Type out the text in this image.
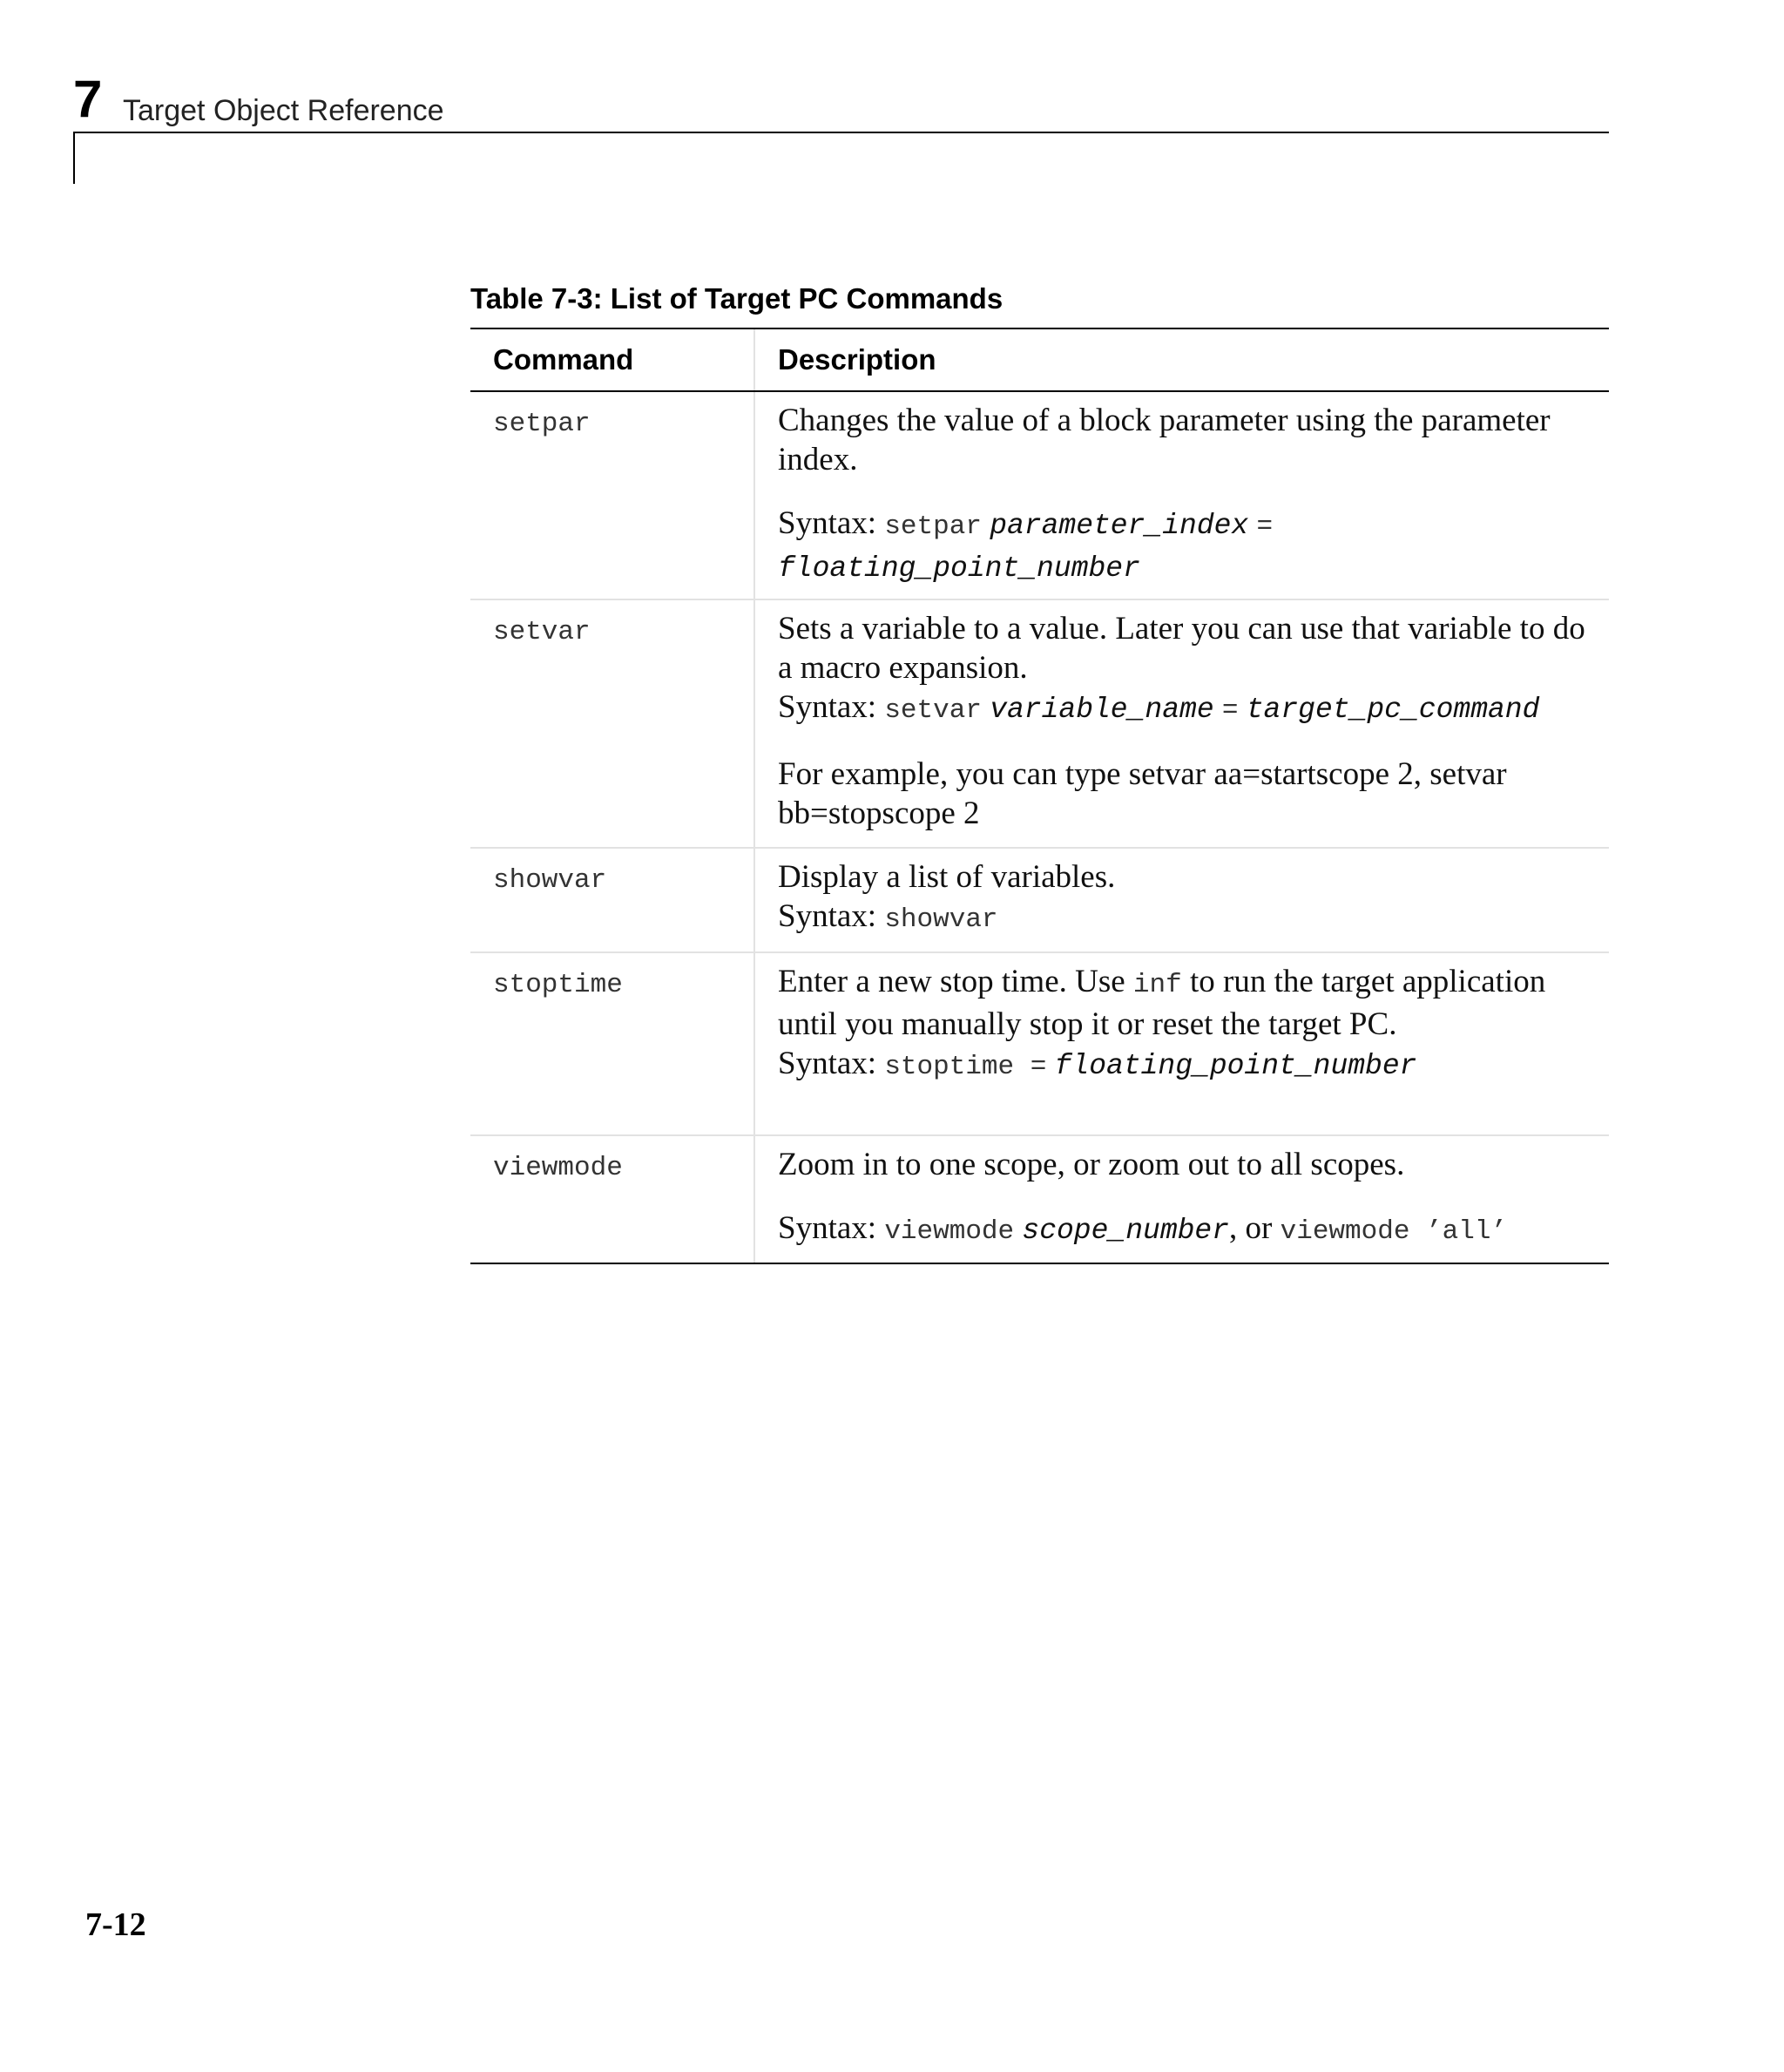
7 Target Object Reference
Table 7-3: List of Target PC Commands
Command	Description
setpar	Changes the value of a block parameter using the parameter index.

Syntax: setpar parameter_index =
floating_point_number

setvar	Sets a variable to a value. Later you can use that variable to do a macro expansion.

Syntax: setvar variable_name = target_pc_command

For example, you can type setvar aa=startscope 2, setvar bb=stopscope 2

showvar	Display a list of variables.

Syntax: showvar

stoptime	Enter a new stop time. Use inf to run the target application until you manually stop it or reset the target PC.

Syntax: stoptime = floating_point_number

viewmode	Zoom in to one scope, or zoom out to all scopes.

Syntax: viewmode scope_number, or viewmode ’all’

7-12
